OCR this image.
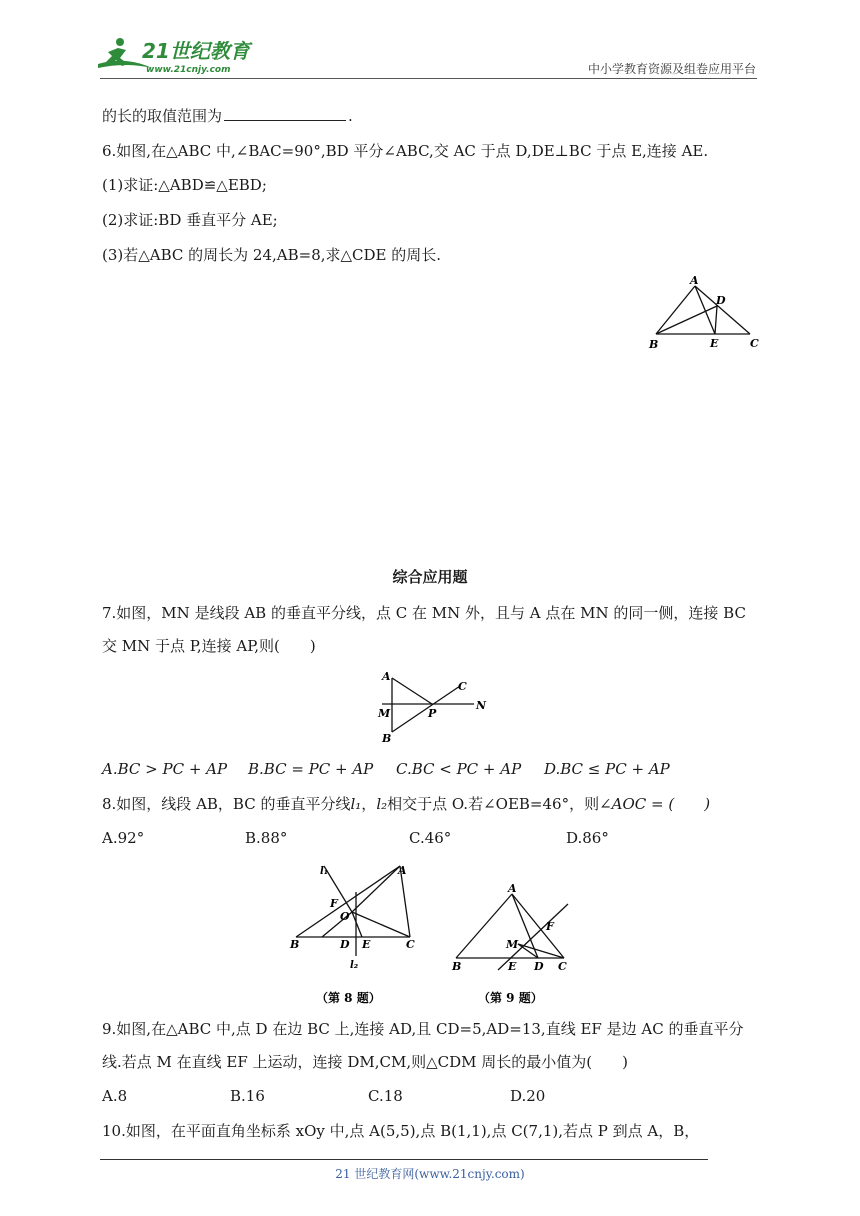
21世纪教育
www.21cnjy.com	中小学教育资源及组卷应用平台
的长的取值范围为	.
6.如图,在△ABC 中,∠BAC=90°,BD 平分∠ABC,交 AC 于点 D,DE⊥BC 于点 E,连接 AE.
(1)求证:△ABD≌△EBD;
(2)求证:BD 垂直平分 AE;
(3)若△ABC 的周长为 24,AB=8,求△CDE 的周长.
A
D
B	E	C
综合应用题
7.如图，MN 是线段 AB 的垂直平分线，点 C 在 MN 外，且与 A 点在 MN 的同一侧，连接 BC
交 MN 于点 P,连接 AP,则(　　)
A
C
M	P
N
B
A.BC > PC + AP B.BC = PC + AP C.BC < PC + AP D.BC ≤ PC + AP
8.如图，线段 AB，BC 的垂直平分线l₁，l₂相交于点 O.若∠OEB=46°，则∠AOC = (　　)
A.92°	B.88°	C.46°	D.86°
l₁	A
F
O
B	D E	C
l₂
（第 8 题）
A
F
M
B	E D C
（第 9 题）
9.如图,在△ABC 中,点 D 在边 BC 上,连接 AD,且 CD=5,AD=13,直线 EF 是边 AC 的垂直平分
线.若点 M 在直线 EF 上运动，连接 DM,CM,则△CDM 周长的最小值为(　　)
A.8	B.16	C.18	D.20
10.如图，在平面直角坐标系 xOy 中,点 A(5,5),点 B(1,1),点 C(7,1),若点 P 到点 A，B，
21 世纪教育网(www.21cnjy.com)
